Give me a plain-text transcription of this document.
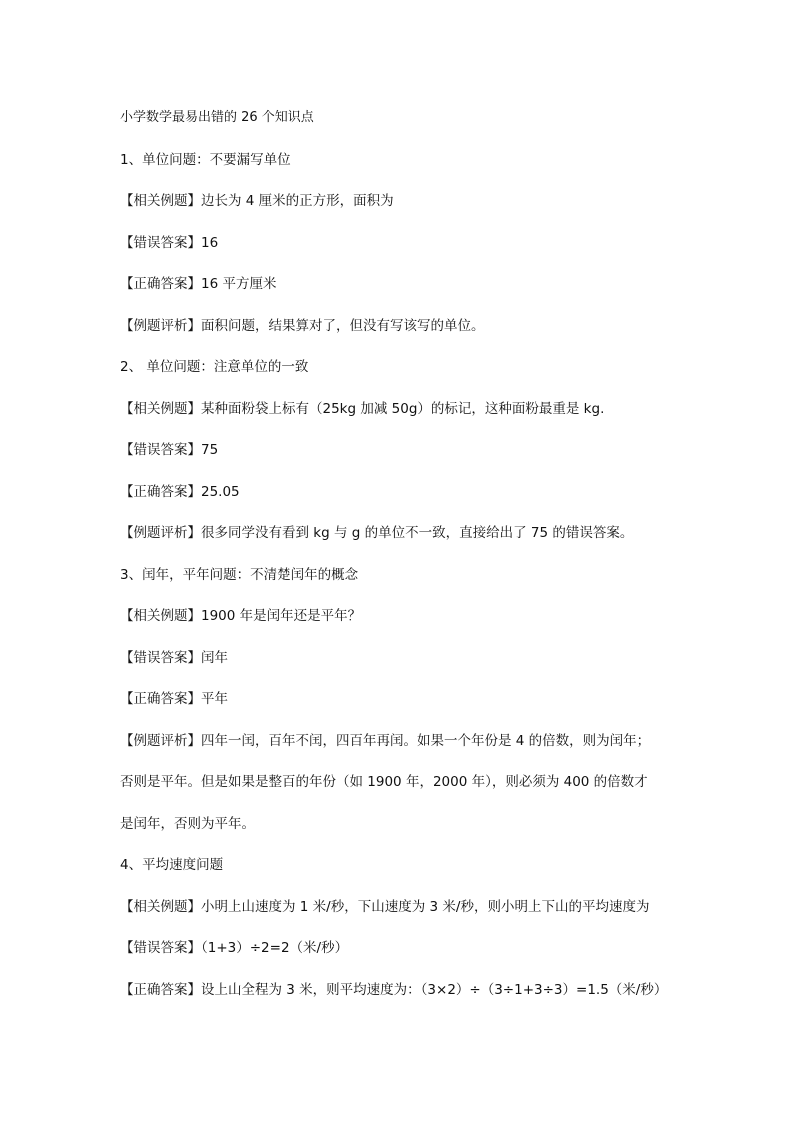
小学数学最易出错的 26 个知识点
1、单位问题：不要漏写单位
【相关例题】边长为 4 厘米的正方形，面积为
【错误答案】16
【正确答案】16 平方厘米
【例题评析】面积问题，结果算对了，但没有写该写的单位。
2、 单位问题：注意单位的一致
【相关例题】某种面粉袋上标有（25kg 加减 50g）的标记，这种面粉最重是 kg.
【错误答案】75
【正确答案】25.05
【例题评析】很多同学没有看到 kg 与 g 的单位不一致，直接给出了 75 的错误答案。
3、闰年，平年问题：不清楚闰年的概念
【相关例题】1900 年是闰年还是平年？
【错误答案】闰年
【正确答案】平年
【例题评析】四年一闰，百年不闰，四百年再闰。如果一个年份是 4 的倍数，则为闰年；
否则是平年。但是如果是整百的年份（如 1900 年，2000 年），则必须为 400 的倍数才
是闰年，否则为平年。
4、平均速度问题
【相关例题】小明上山速度为 1 米/秒，下山速度为 3 米/秒，则小明上下山的平均速度为
【错误答案】（1+3）÷2=2（米/秒）
【正确答案】设上山全程为 3 米，则平均速度为：（3×2）÷（3÷1+3÷3）=1.5（米/秒）
